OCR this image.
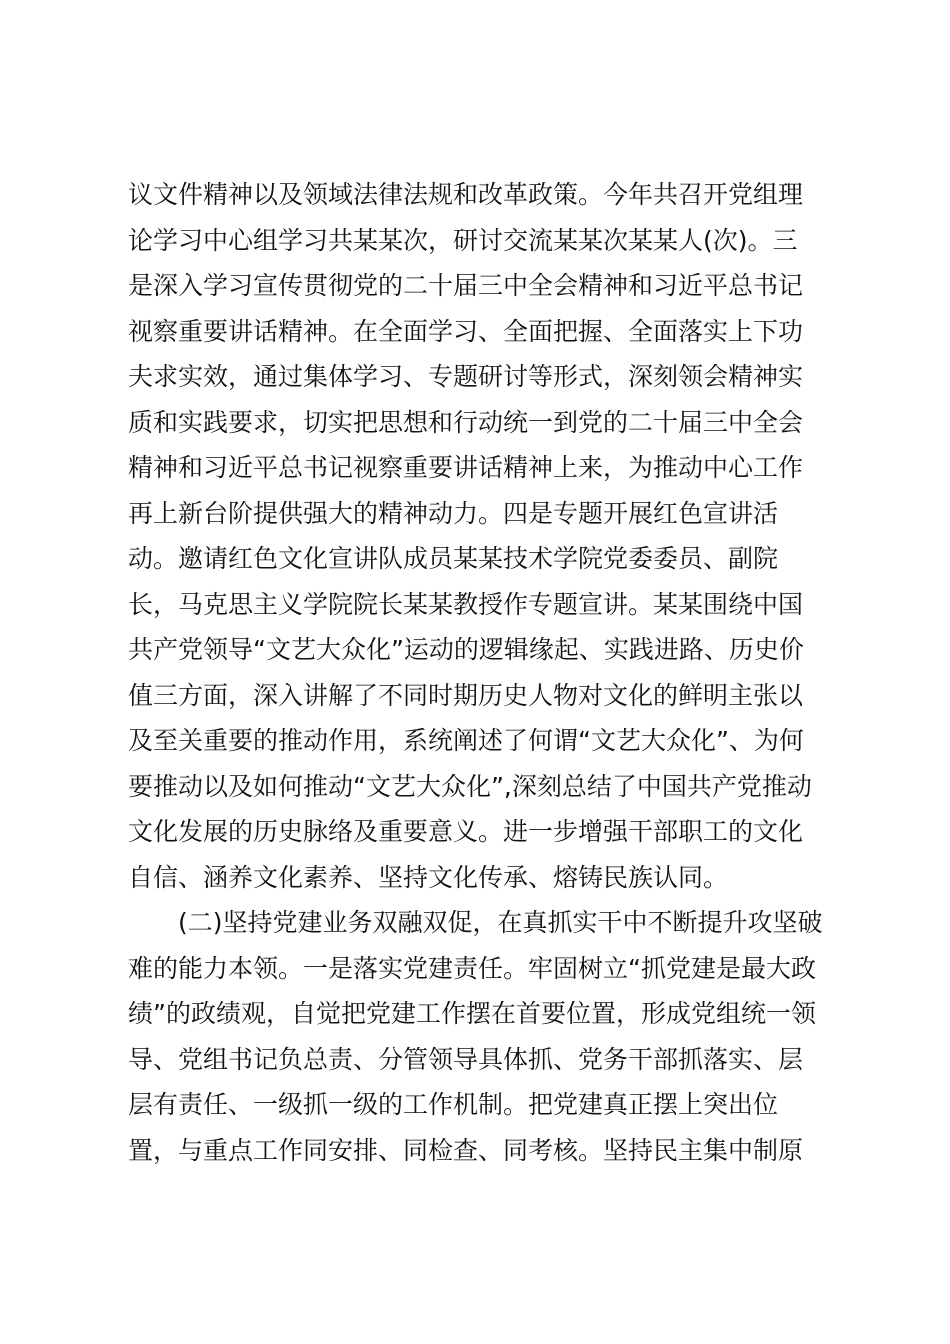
议文件精神以及领域法律法规和改革政策。今年共召开党组理
论学习中心组学习共某某次，研讨交流某某次某某人(次)。三
是深入学习宣传贯彻党的二十届三中全会精神和习近平总书记
视察重要讲话精神。在全面学习、全面把握、全面落实上下功
夫求实效，通过集体学习、专题研讨等形式，深刻领会精神实
质和实践要求，切实把思想和行动统一到党的二十届三中全会
精神和习近平总书记视察重要讲话精神上来，为推动中心工作
再上新台阶提供强大的精神动力。四是专题开展红色宣讲活
动。邀请红色文化宣讲队成员某某技术学院党委委员、副院
长，马克思主义学院院长某某教授作专题宣讲。某某围绕中国
共产党领导“文艺大众化”运动的逻辑缘起、实践进路、历史价
值三方面，深入讲解了不同时期历史人物对文化的鲜明主张以
及至关重要的推动作用，系统阐述了何谓“文艺大众化”、为何
要推动以及如何推动“文艺大众化”,深刻总结了中国共产党推动
文化发展的历史脉络及重要意义。进一步增强干部职工的文化
自信、涵养文化素养、坚持文化传承、熔铸民族认同。
(二)坚持党建业务双融双促，在真抓实干中不断提升攻坚破
难的能力本领。一是落实党建责任。牢固树立“抓党建是最大政
绩”的政绩观，自觉把党建工作摆在首要位置，形成党组统一领
导、党组书记负总责、分管领导具体抓、党务干部抓落实、层
层有责任、一级抓一级的工作机制。把党建真正摆上突出位
置，与重点工作同安排、同检查、同考核。坚持民主集中制原
